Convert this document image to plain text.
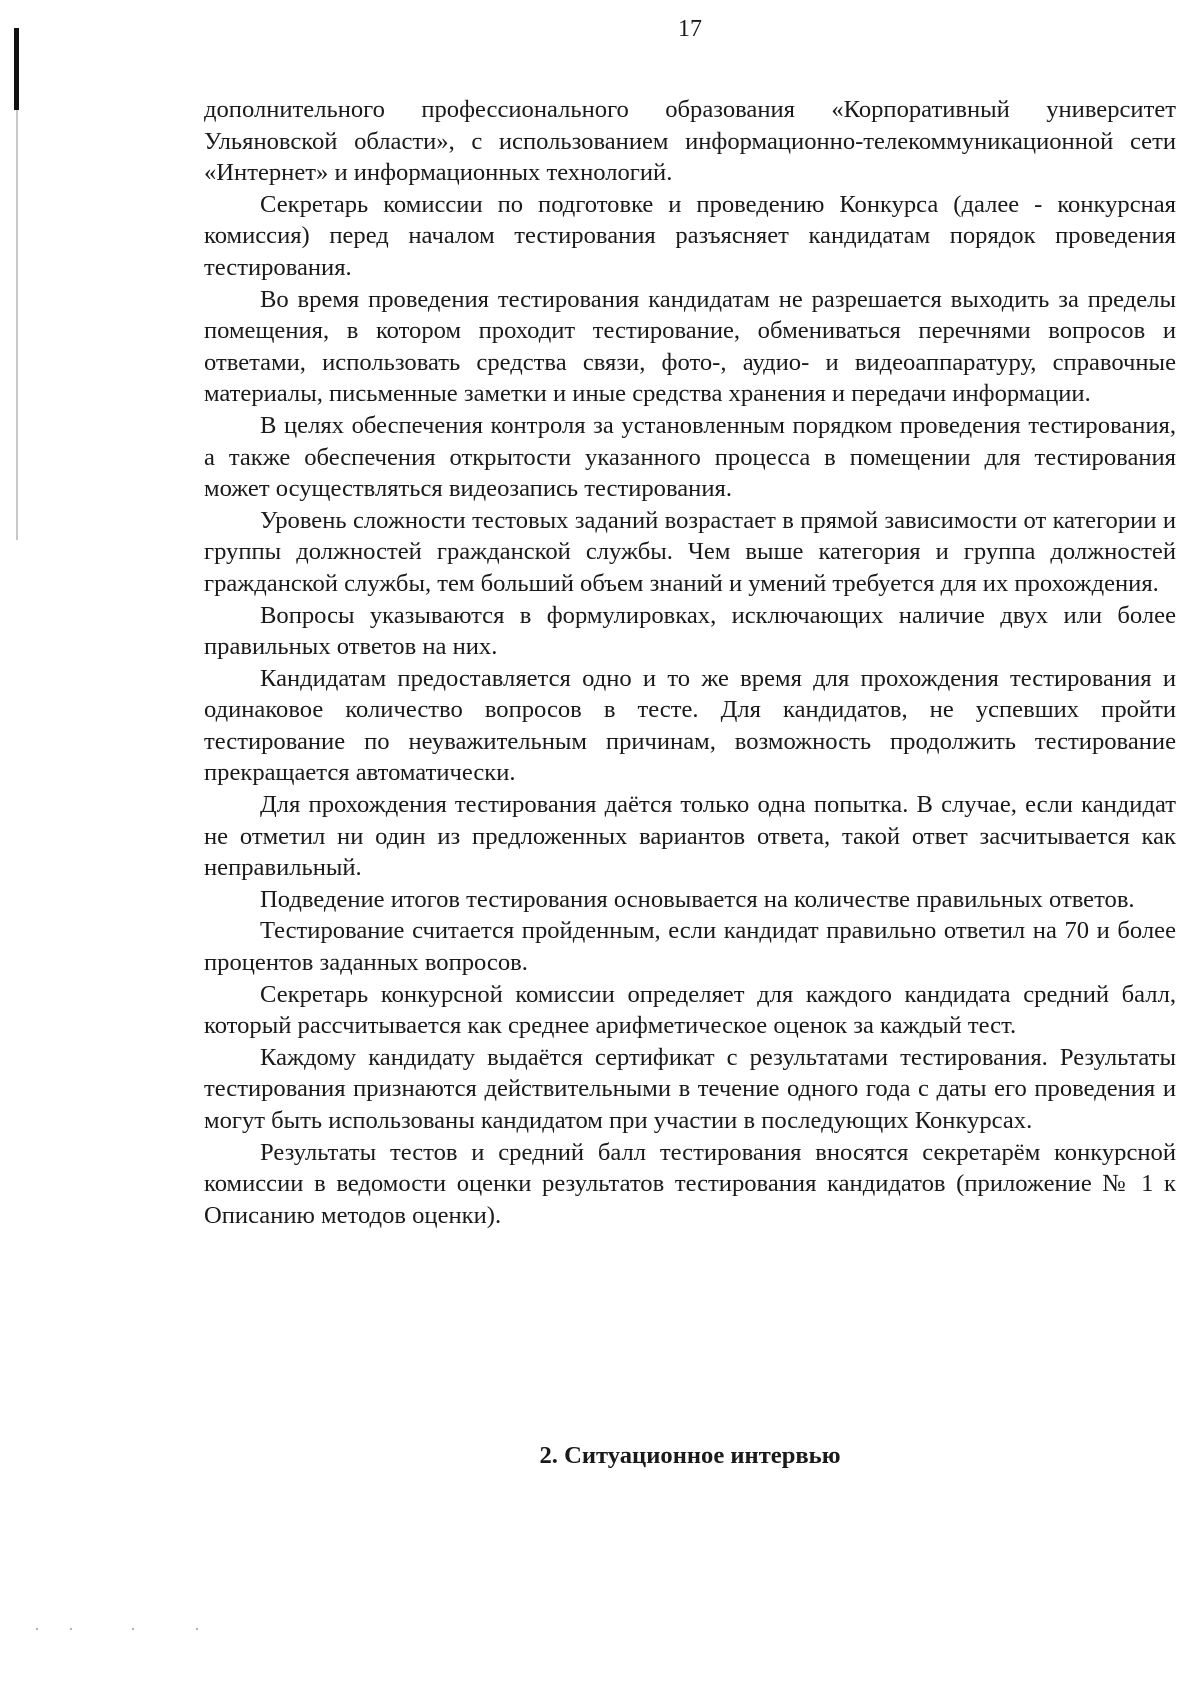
17

дополнительного профессионального образования «Корпоративный университет Ульяновской области», с использованием информационно-телекоммуникационной сети «Интернет» и информационных технологий.

Секретарь комиссии по подготовке и проведению Конкурса (далее - конкурсная комиссия) перед началом тестирования разъясняет кандидатам порядок проведения тестирования.

Во время проведения тестирования кандидатам не разрешается выходить за пределы помещения, в котором проходит тестирование, обмениваться перечнями вопросов и ответами, использовать средства связи, фото-, аудио- и видеоаппаратуру, справочные материалы, письменные заметки и иные средства хранения и передачи информации.

В целях обеспечения контроля за установленным порядком проведения тестирования, а также обеспечения открытости указанного процесса в помещении для тестирования может осуществляться видеозапись тестирования.

Уровень сложности тестовых заданий возрастает в прямой зависимости от категории и группы должностей гражданской службы. Чем выше категория и группа должностей гражданской службы, тем больший объем знаний и умений требуется для их прохождения.

Вопросы указываются в формулировках, исключающих наличие двух или более правильных ответов на них.

Кандидатам предоставляется одно и то же время для прохождения тестирования и одинаковое количество вопросов в тесте. Для кандидатов, не успевших пройти тестирование по неуважительным причинам, возможность продолжить тестирование прекращается автоматически.

Для прохождения тестирования даётся только одна попытка. В случае, если кандидат не отметил ни один из предложенных вариантов ответа, такой ответ засчитывается как неправильный.

Подведение итогов тестирования основывается на количестве правильных ответов.

Тестирование считается пройденным, если кандидат правильно ответил на 70 и более процентов заданных вопросов.

Секретарь конкурсной комиссии определяет для каждого кандидата средний балл, который рассчитывается как среднее арифметическое оценок за каждый тест.

Каждому кандидату выдаётся сертификат с результатами тестирования. Результаты тестирования признаются действительными в течение одного года с даты его проведения и могут быть использованы кандидатом при участии в последующих Конкурсах.

Результаты тестов и средний балл тестирования вносятся секретарём конкурсной комиссии в ведомости оценки результатов тестирования кандидатов (приложение № 1 к Описанию методов оценки).

2. Ситуационное интервью
